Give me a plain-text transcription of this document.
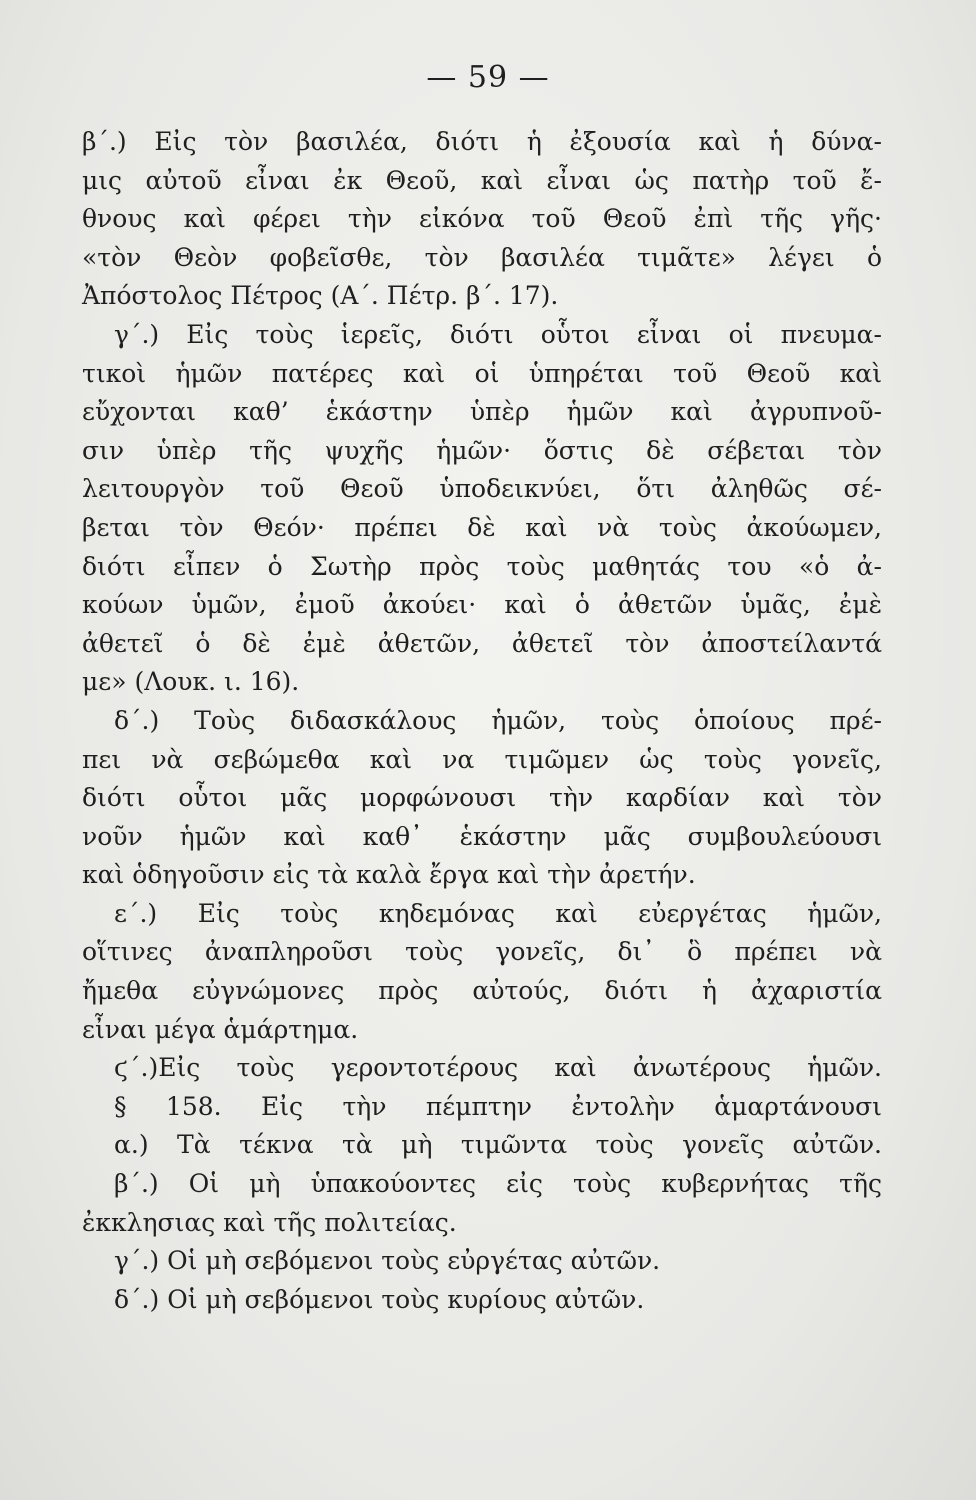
— 59 —
β΄.) Εἰς τὸν βασιλέα, διότι ἡ ἐξουσία καὶ ἡ δύνα-
μις αὐτοῦ εἶναι ἐκ Θεοῦ, καὶ εἶναι ὡς πατὴρ τοῦ ἔ-
θνους καὶ φέρει τὴν εἰκόνα τοῦ Θεοῦ ἐπὶ τῆς γῆς·
«τὸν Θεὸν φοβεῖσθε, τὸν βασιλέα τιμᾶτε» λέγει ὁ
Ἀπόστολος Πέτρος (Α΄. Πέτρ. β΄. 17).
γ΄.) Εἰς τοὺς ἱερεῖς, διότι οὗτοι εἶναι οἱ πνευμα-
τικοὶ ἡμῶν πατέρες καὶ οἱ ὑπηρέται τοῦ Θεοῦ καὶ
εὔχονται καθ’ ἑκάστην ὑπὲρ ἡμῶν καὶ ἀγρυπνοῦ-
σιν ὑπὲρ τῆς ψυχῆς ἡμῶν· ὅστις δὲ σέβεται τὸν
λειτουργὸν τοῦ Θεοῦ ὑποδεικνύει, ὅτι ἀληθῶς σέ-
βεται τὸν Θεόν· πρέπει δὲ καὶ νὰ τοὺς ἀκούωμεν,
διότι εἶπεν ὁ Σωτὴρ πρὸς τοὺς μαθητάς του «ὁ ἀ-
κούων ὑμῶν, ἐμοῦ ἀκούει· καὶ ὁ ἀθετῶν ὑμᾶς, ἐμὲ
ἀθετεῖ ὁ δὲ ἐμὲ ἀθετῶν, ἀθετεῖ τὸν ἀποστείλαντά
με» (Λουκ. ι. 16).
δ΄.) Τοὺς διδασκάλους ἡμῶν, τοὺς ὁποίους πρέ-
πει νὰ σεβώμεθα καὶ να τιμῶμεν ὡς τοὺς γονεῖς,
διότι οὗτοι μᾶς μορφώνουσι τὴν καρδίαν καὶ τὸν
νοῦν ἡμῶν καὶ καθ᾽ ἑκάστην μᾶς συμβουλεύουσι
καὶ ὁδηγοῦσιν εἰς τὰ καλὰ ἔργα καὶ τὴν ἀρετήν.
ε΄.) Εἰς τοὺς κηδεμόνας καὶ εὐεργέτας ἡμῶν,
οἵτινες ἀναπληροῦσι τοὺς γονεῖς, δι᾽ ὃ πρέπει νὰ
ἤμεθα εὐγνώμονες πρὸς αὐτούς, διότι ἡ ἀχαριστία
εἶναι μέγα ἁμάρτημα.
ϛ΄.)Εἰς τοὺς γεροντοτέρους καὶ ἀνωτέρους ἡμῶν.
§ 158. Εἰς τὴν πέμπτην ἐντολὴν ἁμαρτάνουσι
α.) Τὰ τέκνα τὰ μὴ τιμῶντα τοὺς γονεῖς αὐτῶν.
β΄.) Οἱ μὴ ὑπακούοντες εἰς τοὺς κυβερνήτας τῆς
ἐκκλησιας καὶ τῆς πολιτείας.
γ΄.) Οἱ μὴ σεβόμενοι τοὺς εὐργέτας αὐτῶν.
δ΄.) Οἱ μὴ σεβόμενοι τοὺς κυρίους αὐτῶν.
